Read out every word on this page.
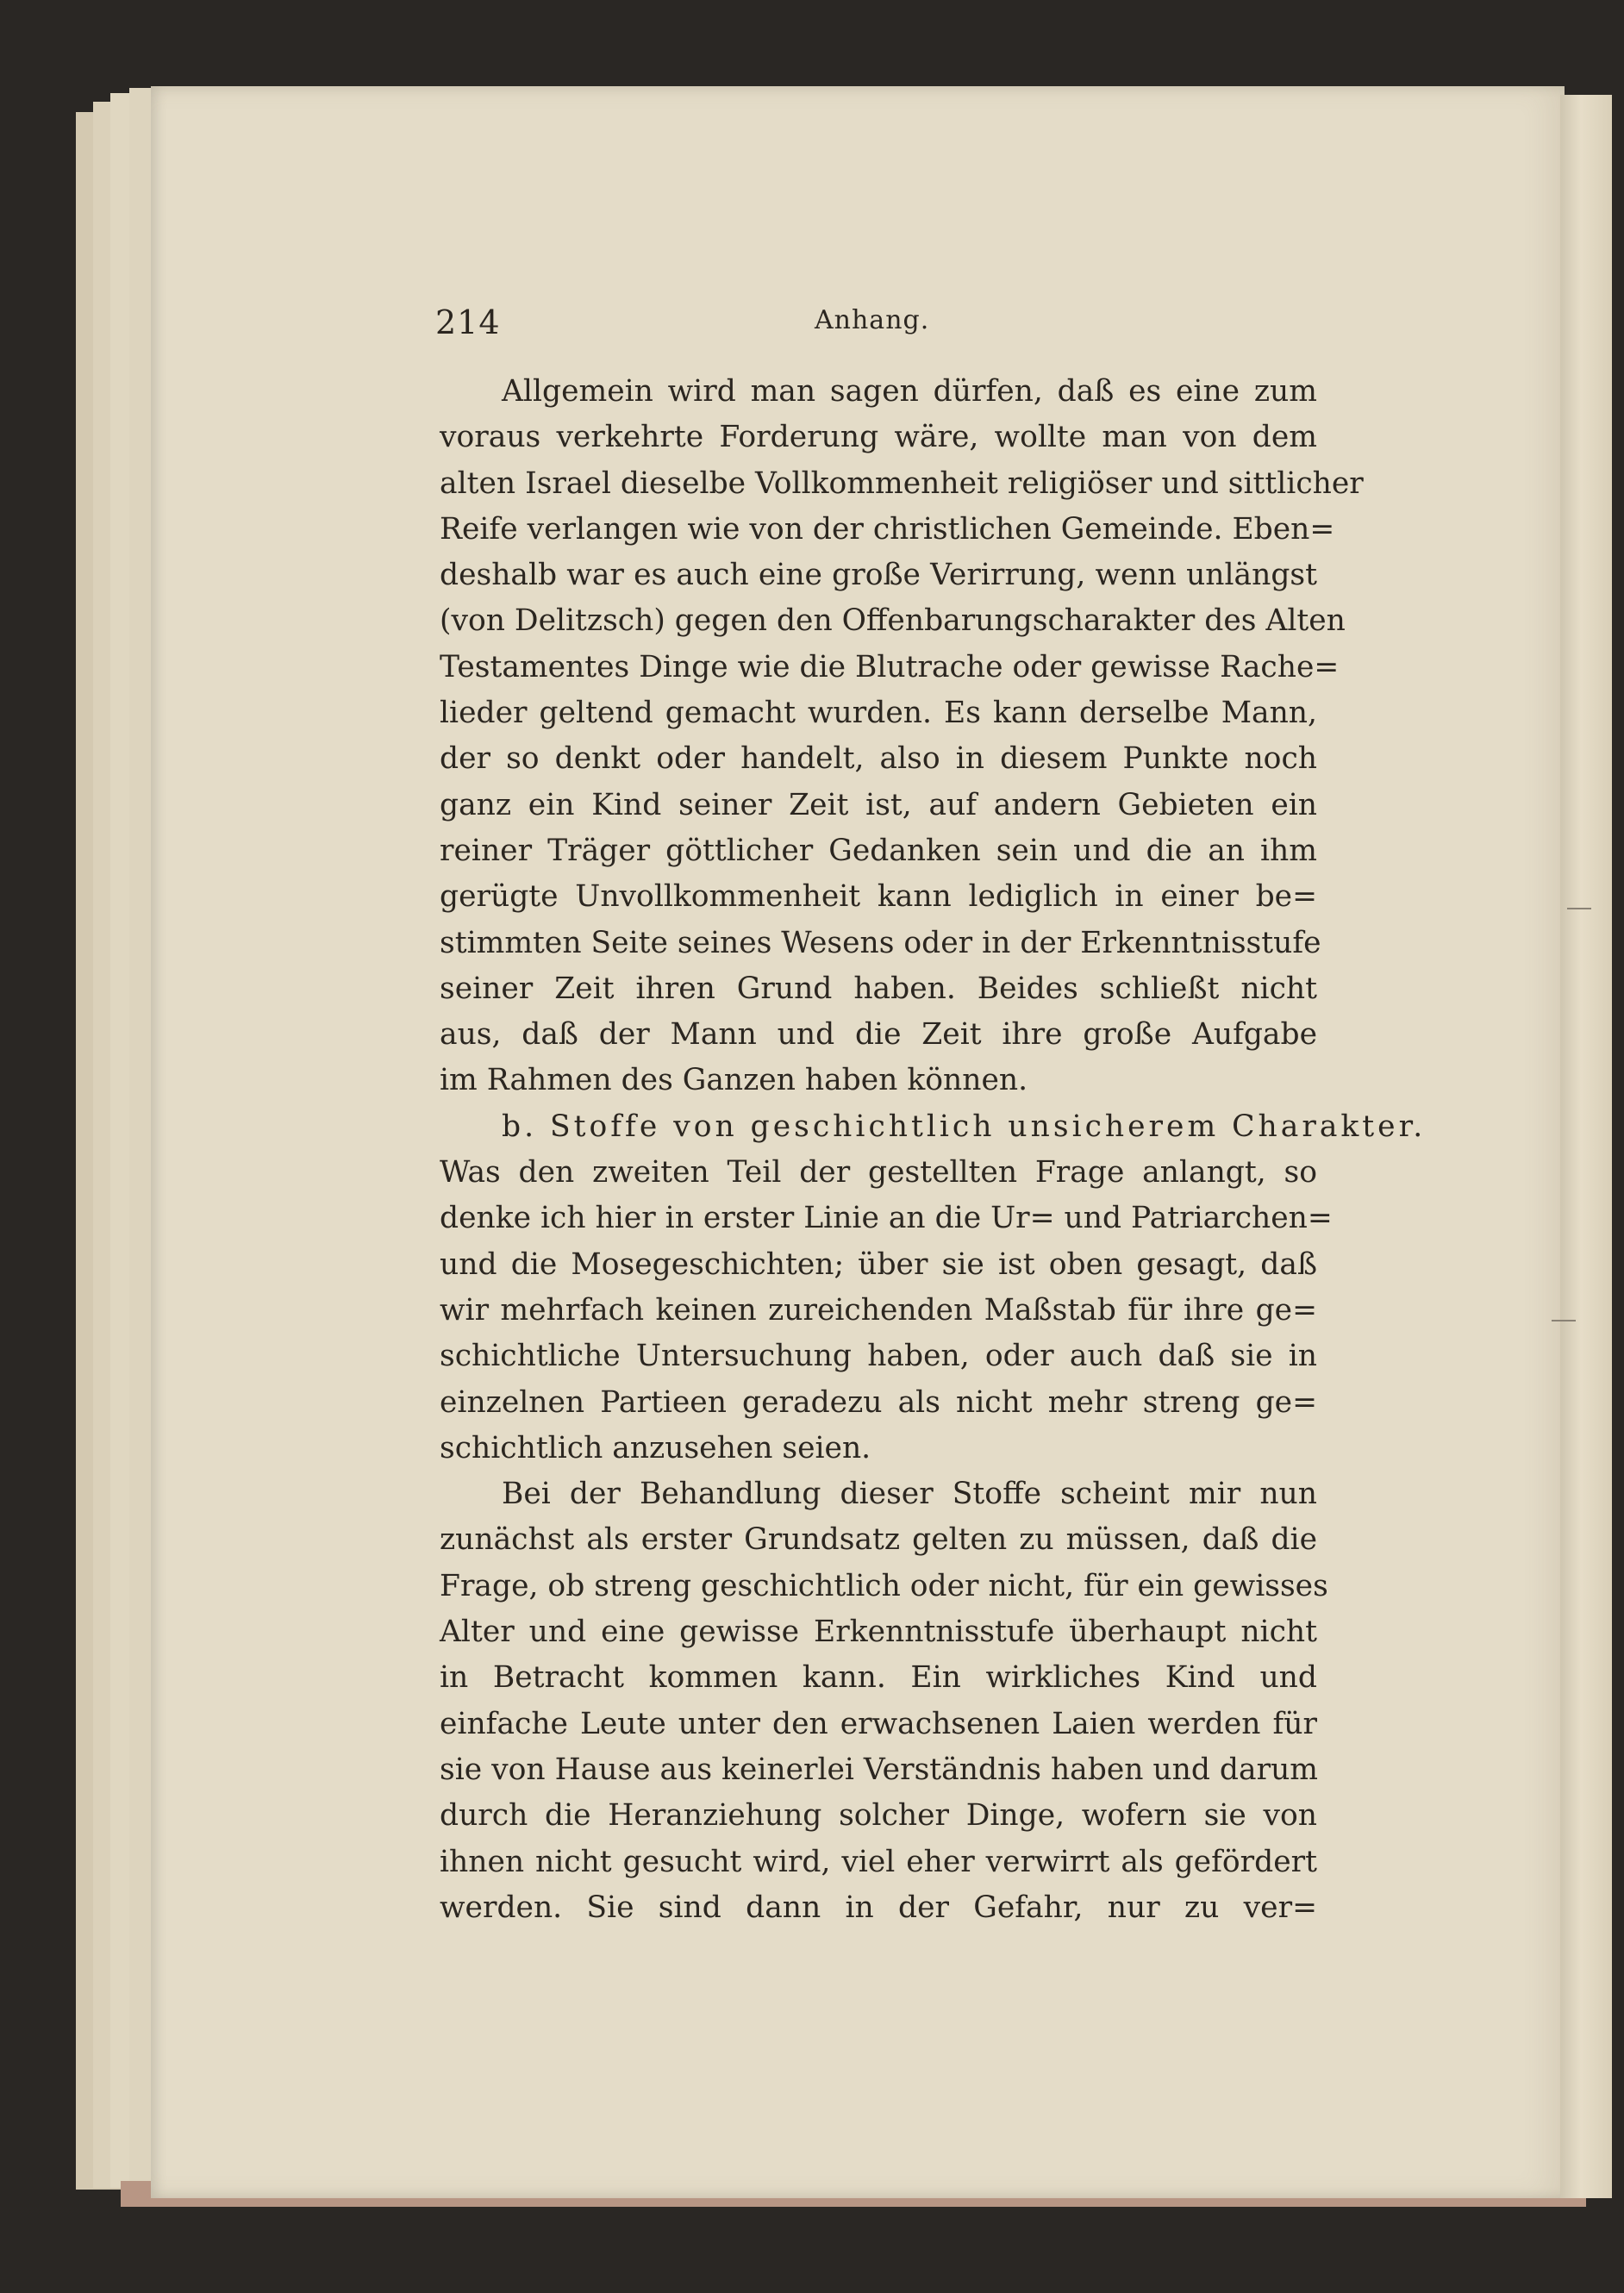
214	Anhang.
Allgemein wird man sagen dürfen, daß es eine zum
voraus verkehrte Forderung wäre, wollte man von dem
alten Israel dieselbe Vollkommenheit religiöser und sittlicher
Reife verlangen wie von der christlichen Gemeinde. Eben=
deshalb war es auch eine große Verirrung, wenn unlängst
(von Delitzsch) gegen den Offenbarungscharakter des Alten
Testamentes Dinge wie die Blutrache oder gewisse Rache=
lieder geltend gemacht wurden. Es kann derselbe Mann,
der so denkt oder handelt, also in diesem Punkte noch
ganz ein Kind seiner Zeit ist, auf andern Gebieten ein
reiner Träger göttlicher Gedanken sein und die an ihm
gerügte Unvollkommenheit kann lediglich in einer be=
stimmten Seite seines Wesens oder in der Erkenntnisstufe
seiner Zeit ihren Grund haben. Beides schließt nicht
aus, daß der Mann und die Zeit ihre große Aufgabe
im Rahmen des Ganzen haben können.
b. Stoffe von geschichtlich unsicherem Charakter.
Was den zweiten Teil der gestellten Frage anlangt, so
denke ich hier in erster Linie an die Ur= und Patriarchen=
und die Mosegeschichten; über sie ist oben gesagt, daß
wir mehrfach keinen zureichenden Maßstab für ihre ge=
schichtliche Untersuchung haben, oder auch daß sie in
einzelnen Partieen geradezu als nicht mehr streng ge=
schichtlich anzusehen seien.
Bei der Behandlung dieser Stoffe scheint mir nun
zunächst als erster Grundsatz gelten zu müssen, daß die
Frage, ob streng geschichtlich oder nicht, für ein gewisses
Alter und eine gewisse Erkenntnisstufe überhaupt nicht
in Betracht kommen kann. Ein wirkliches Kind und
einfache Leute unter den erwachsenen Laien werden für
sie von Hause aus keinerlei Verständnis haben und darum
durch die Heranziehung solcher Dinge, wofern sie von
ihnen nicht gesucht wird, viel eher verwirrt als gefördert
werden. Sie sind dann in der Gefahr, nur zu ver=
